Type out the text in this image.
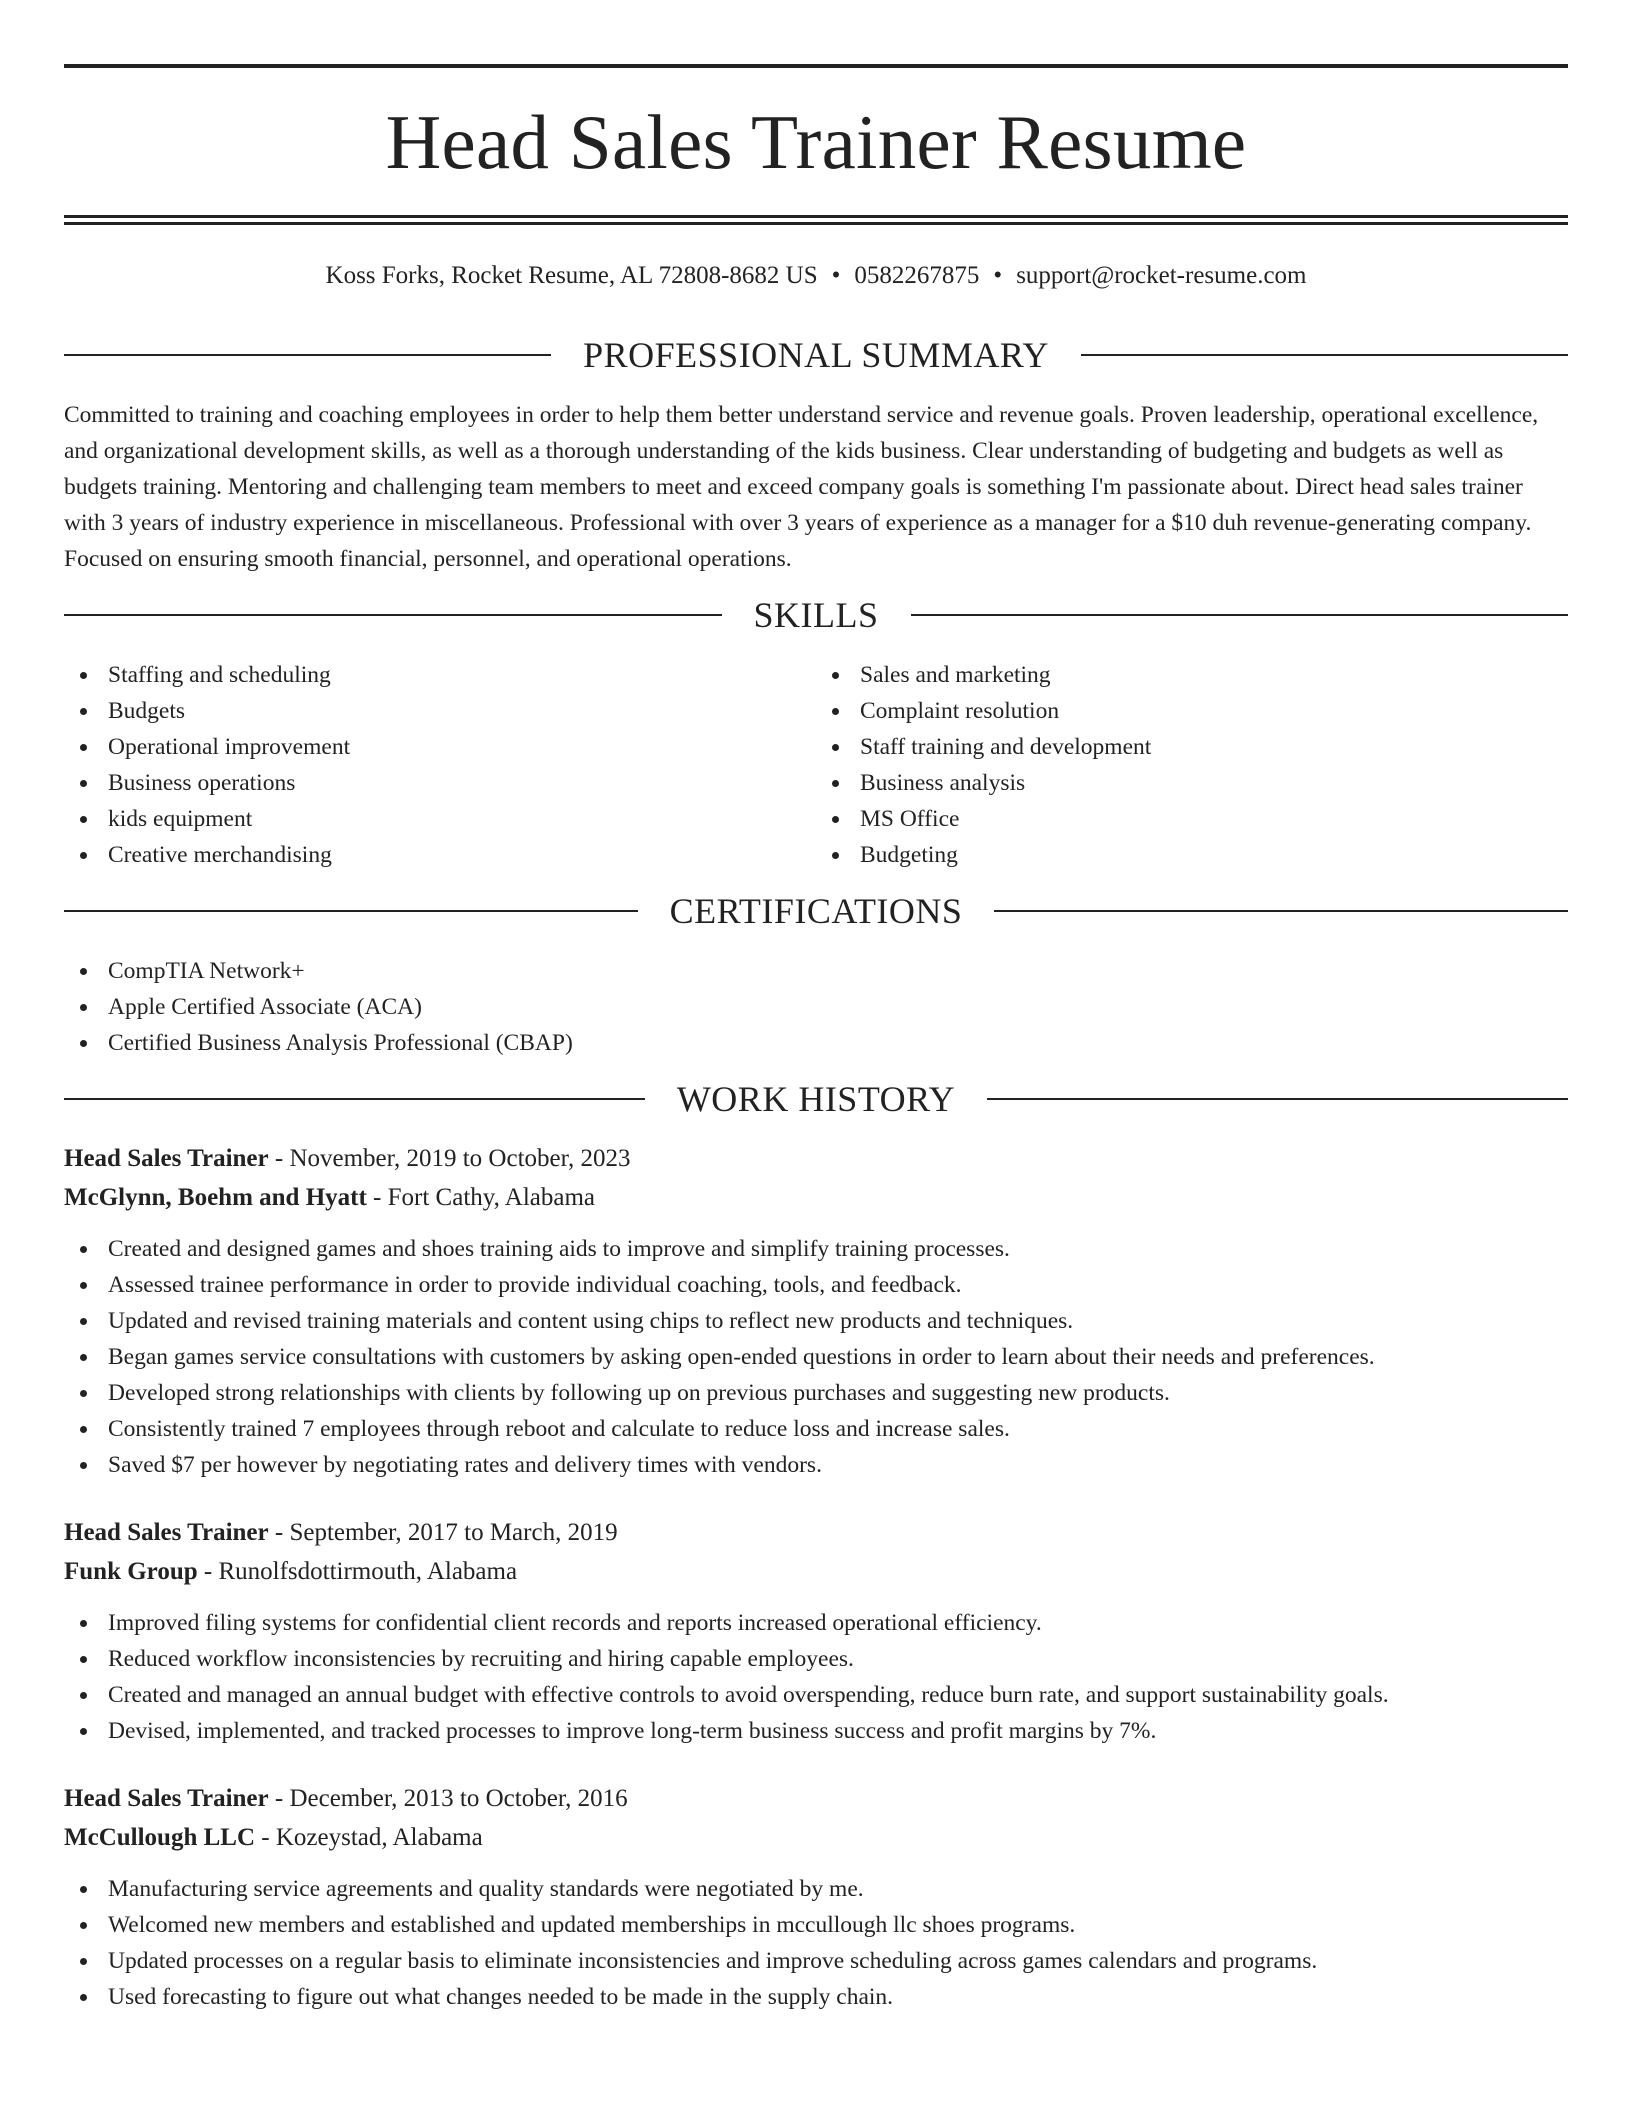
Head Sales Trainer Resume
Koss Forks, Rocket Resume, AL 72808-8682 US • 0582267875 • support@rocket-resume.com
PROFESSIONAL SUMMARY

Committed to training and coaching employees in order to help them better understand service and revenue goals. Proven leadership, operational excellence, and organizational development skills, as well as a thorough understanding of the kids business. Clear understanding of budgeting and budgets as well as budgets training. Mentoring and challenging team members to meet and exceed company goals is something I'm passionate about. Direct head sales trainer with 3 years of industry experience in miscellaneous. Professional with over 3 years of experience as a manager for a $10 duh revenue-generating company. Focused on ensuring smooth financial, personnel, and operational operations.

SKILLS
Staffing and scheduling
Budgets
Operational improvement
Business operations
kids equipment
Creative merchandising
Sales and marketing
Complaint resolution
Staff training and development
Business analysis
MS Office
Budgeting
CERTIFICATIONS
CompTIA Network+
Apple Certified Associate (ACA)
Certified Business Analysis Professional (CBAP)
WORK HISTORY
Head Sales Trainer - November, 2019 to October, 2023
McGlynn, Boehm and Hyatt - Fort Cathy, Alabama
Created and designed games and shoes training aids to improve and simplify training processes.
Assessed trainee performance in order to provide individual coaching, tools, and feedback.
Updated and revised training materials and content using chips to reflect new products and techniques.
Began games service consultations with customers by asking open-ended questions in order to learn about their needs and preferences.
Developed strong relationships with clients by following up on previous purchases and suggesting new products.
Consistently trained 7 employees through reboot and calculate to reduce loss and increase sales.
Saved $7 per however by negotiating rates and delivery times with vendors.
Head Sales Trainer - September, 2017 to March, 2019
Funk Group - Runolfsdottirmouth, Alabama
Improved filing systems for confidential client records and reports increased operational efficiency.
Reduced workflow inconsistencies by recruiting and hiring capable employees.
Created and managed an annual budget with effective controls to avoid overspending, reduce burn rate, and support sustainability goals.
Devised, implemented, and tracked processes to improve long-term business success and profit margins by 7%.
Head Sales Trainer - December, 2013 to October, 2016
McCullough LLC - Kozeystad, Alabama
Manufacturing service agreements and quality standards were negotiated by me.
Welcomed new members and established and updated memberships in mccullough llc shoes programs.
Updated processes on a regular basis to eliminate inconsistencies and improve scheduling across games calendars and programs.
Used forecasting to figure out what changes needed to be made in the supply chain.
